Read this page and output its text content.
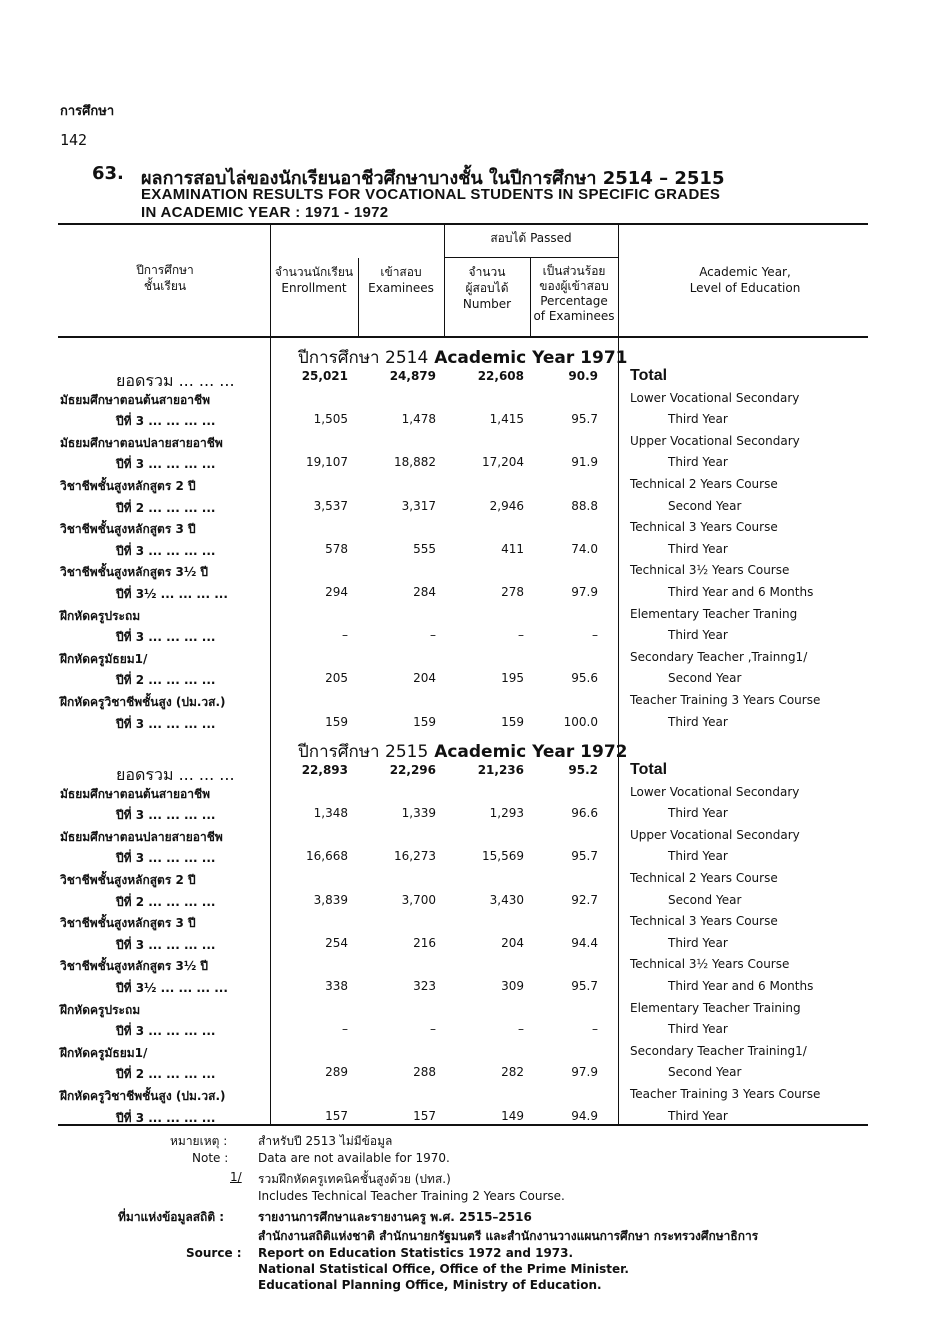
การศึกษา
142
63. ผลการสอบไล่ของนักเรียนอาชีวศึกษาบางชั้น ในปีการศึกษา 2514 – 2515
EXAMINATION RESULTS FOR VOCATIONAL STUDENTS IN SPECIFIC GRADES
IN ACADEMIC YEAR : 1971 - 1972
ปีการศึกษา
ชั้นเรียน
จำนวนนักเรียน
Enrollment
เข้าสอบ
Examinees
สอบได้ Passed
จำนวน
ผู้สอบได้
Number
เป็นส่วนร้อย
ของผู้เข้าสอบ
Percentage
of Examinees
Academic Year,
Level of Education
ปีการศึกษา 2514 Academic Year 1971
ยอดรวม ... ... ...	25,021	24,879	22,608	90.9 Total
มัธยมศึกษาตอนต้นสายอาชีพ	Lower Vocational Secondary
ปีที่ 3 ... ... ... ...	1,505	1,478	1,415	95.7	Third Year
มัธยมศึกษาตอนปลายสายอาชีพ	Upper Vocational Secondary
ปีที่ 3 ... ... ... ...	19,107	18,882	17,204	91.9	Third Year
วิชาชีพชั้นสูงหลักสูตร 2 ปี	Technical 2 Years Course
ปีที่ 2 ... ... ... ...	3,537	3,317	2,946	88.8	Second Year
วิชาชีพชั้นสูงหลักสูตร 3 ปี	Technical 3 Years Course
ปีที่ 3 ... ... ... ...	578	555	411	74.0	Third Year
วิชาชีพชั้นสูงหลักสูตร 3½ ปี	Technical 3½ Years Course
ปีที่ 3½ ... ... ... ...	294	284	278	97.9	Third Year and 6 Months
ฝึกหัดครูประถม	Elementary Teacher Traning
ปีที่ 3 ... ... ... ...	–	–	–	–	Third Year
ฝึกหัดครูมัธยม1/	Secondary Teacher ,Trainng1/
ปีที่ 2 ... ... ... ...	205	204	195	95.6	Second Year
ฝึกหัดครูวิชาชีพชั้นสูง (ปม.วส.)	Teacher Training 3 Years Course
ปีที่ 3 ... ... ... ...	159	159	159	100.0	Third Year
ปีการศึกษา 2515 Academic Year 1972
ยอดรวม ... ... ...	22,893	22,296	21,236	95.2 Total
มัธยมศึกษาตอนต้นสายอาชีพ	Lower Vocational Secondary
ปีที่ 3 ... ... ... ...	1,348	1,339	1,293	96.6	Third Year
มัธยมศึกษาตอนปลายสายอาชีพ	Upper Vocational Secondary
ปีที่ 3 ... ... ... ...	16,668	16,273	15,569	95.7	Third Year
วิชาชีพชั้นสูงหลักสูตร 2 ปี	Technical 2 Years Course
ปีที่ 2 ... ... ... ...	3,839	3,700	3,430	92.7	Second Year
วิชาชีพชั้นสูงหลักสูตร 3 ปี	Technical 3 Years Course
ปีที่ 3 ... ... ... ...	254	216	204	94.4	Third Year
วิชาชีพชั้นสูงหลักสูตร 3½ ปี	Technical 3½ Years Course
ปีที่ 3½ ... ... ... ...	338	323	309	95.7	Third Year and 6 Months
ฝึกหัดครูประถม	Elementary Teacher Training
ปีที่ 3 ... ... ... ...	–	–	–	–	Third Year
ฝึกหัดครูมัธยม1/	Secondary Teacher Training1/
ปีที่ 2 ... ... ... ...	289	288	282	97.9	Second Year
ฝึกหัดครูวิชาชีพชั้นสูง (ปม.วส.)	Teacher Training 3 Years Course
ปีที่ 3 ... ... ... ...	157	157	149	94.9	Third Year
หมายเหตุ :	สำหรับปี 2513 ไม่มีข้อมูล
Note : Data are not available for 1970.
1/ รวมฝึกหัดครูเทคนิคชั้นสูงด้วย (ปทส.)
Includes Technical Teacher Training 2 Years Course.
ที่มาแห่งข้อมูลสถิติ :	รายงานการศึกษาและรายงานครู พ.ศ. 2515–2516
สำนักงานสถิติแห่งชาติ สำนักนายกรัฐมนตรี และสำนักงานวางแผนการศึกษา กระทรวงศึกษาธิการ
Source : Report on Education Statistics 1972 and 1973.
National Statistical Office, Office of the Prime Minister.
Educational Planning Office, Ministry of Education.
